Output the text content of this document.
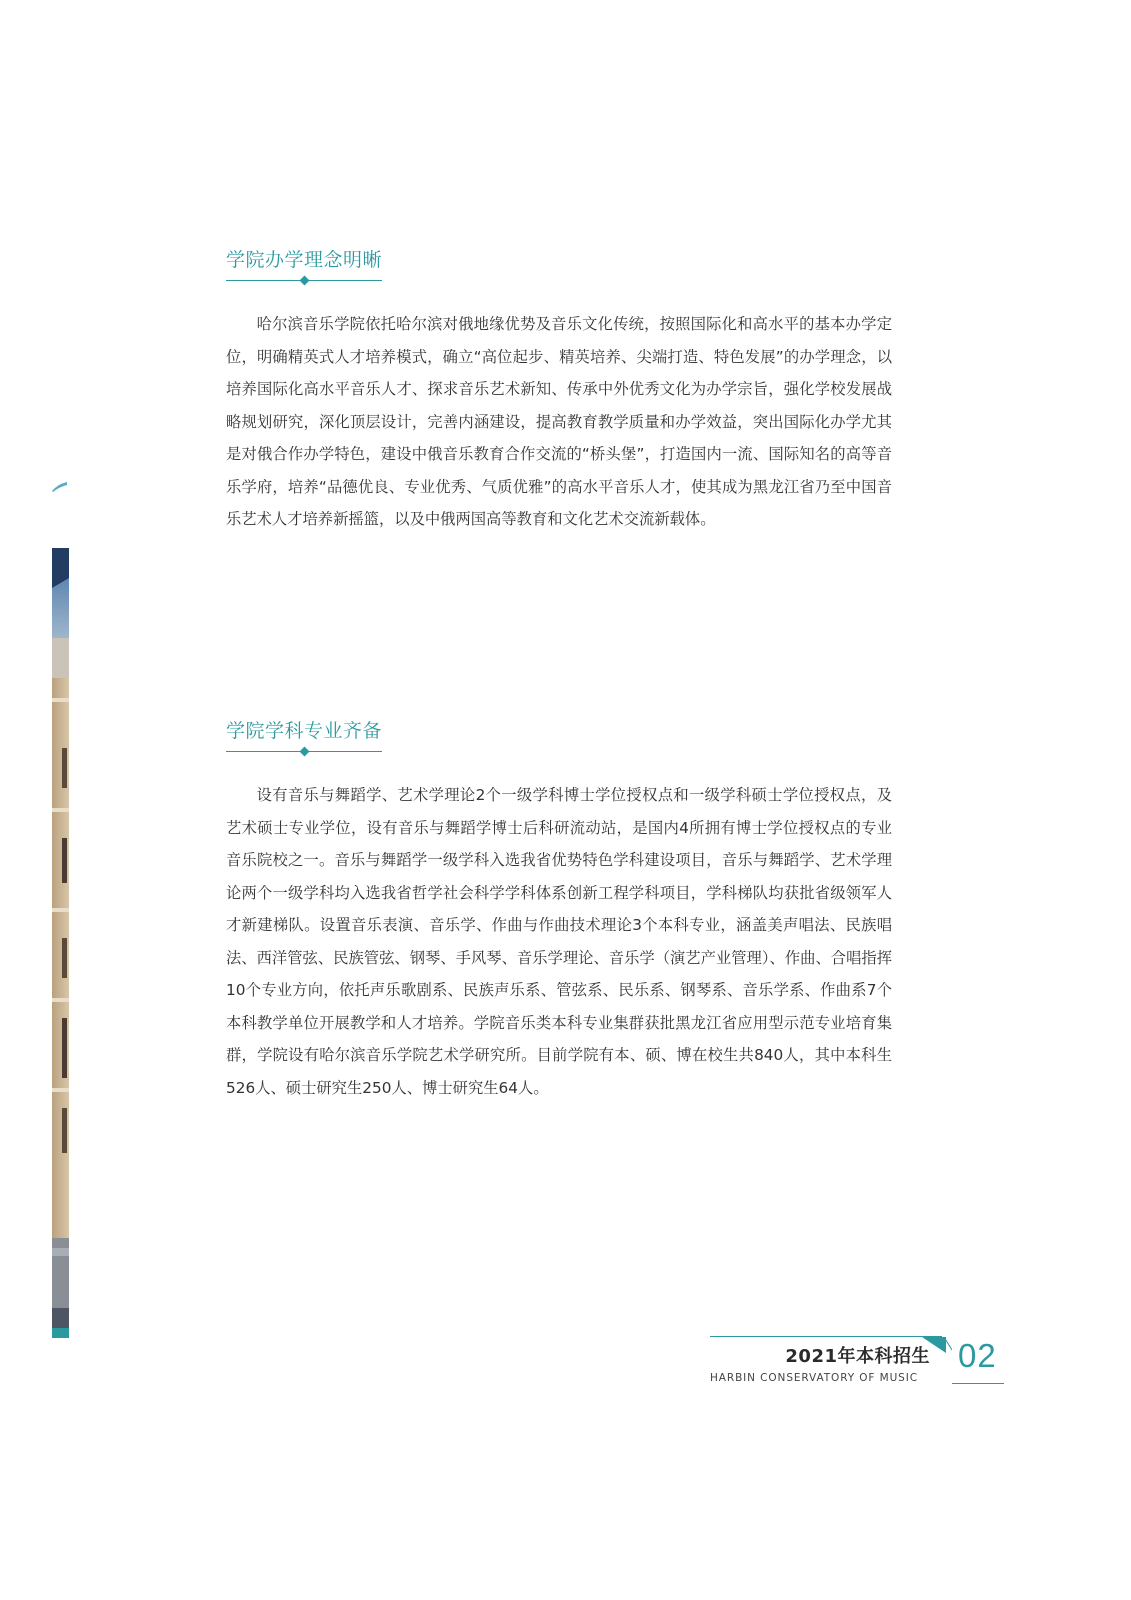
学院办学理念明晰

哈尔滨音乐学院依托哈尔滨对俄地缘优势及音乐文化传统，按照国际化和高水平的基本办学定位，明确精英式人才培养模式，确立“高位起步、精英培养、尖端打造、特色发展”的办学理念，以培养国际化高水平音乐人才、探求音乐艺术新知、传承中外优秀文化为办学宗旨，强化学校发展战略规划研究，深化顶层设计，完善内涵建设，提高教育教学质量和办学效益，突出国际化办学尤其是对俄合作办学特色，建设中俄音乐教育合作交流的“桥头堡”，打造国内一流、国际知名的高等音乐学府，培养“品德优良、专业优秀、气质优雅”的高水平音乐人才，使其成为黑龙江省乃至中国音乐艺术人才培养新摇篮，以及中俄两国高等教育和文化艺术交流新载体。

学院学科专业齐备

设有音乐与舞蹈学、艺术学理论2个一级学科博士学位授权点和一级学科硕士学位授权点，及艺术硕士专业学位，设有音乐与舞蹈学博士后科研流动站，是国内4所拥有博士学位授权点的专业音乐院校之一。音乐与舞蹈学一级学科入选我省优势特色学科建设项目，音乐与舞蹈学、艺术学理论两个一级学科均入选我省哲学社会科学学科体系创新工程学科项目，学科梯队均获批省级领军人才新建梯队。设置音乐表演、音乐学、作曲与作曲技术理论3个本科专业，涵盖美声唱法、民族唱法、西洋管弦、民族管弦、钢琴、手风琴、音乐学理论、音乐学（演艺产业管理）、作曲、合唱指挥10个专业方向，依托声乐歌剧系、民族声乐系、管弦系、民乐系、钢琴系、音乐学系、作曲系7个本科教学单位开展教学和人才培养。学院音乐类本科专业集群获批黑龙江省应用型示范专业培育集群，学院设有哈尔滨音乐学院艺术学研究所。目前学院有本、硕、博在校生共840人，其中本科生526人、硕士研究生250人、博士研究生64人。

2021年本科招生
HARBIN CONSERVATORY OF MUSIC
02
